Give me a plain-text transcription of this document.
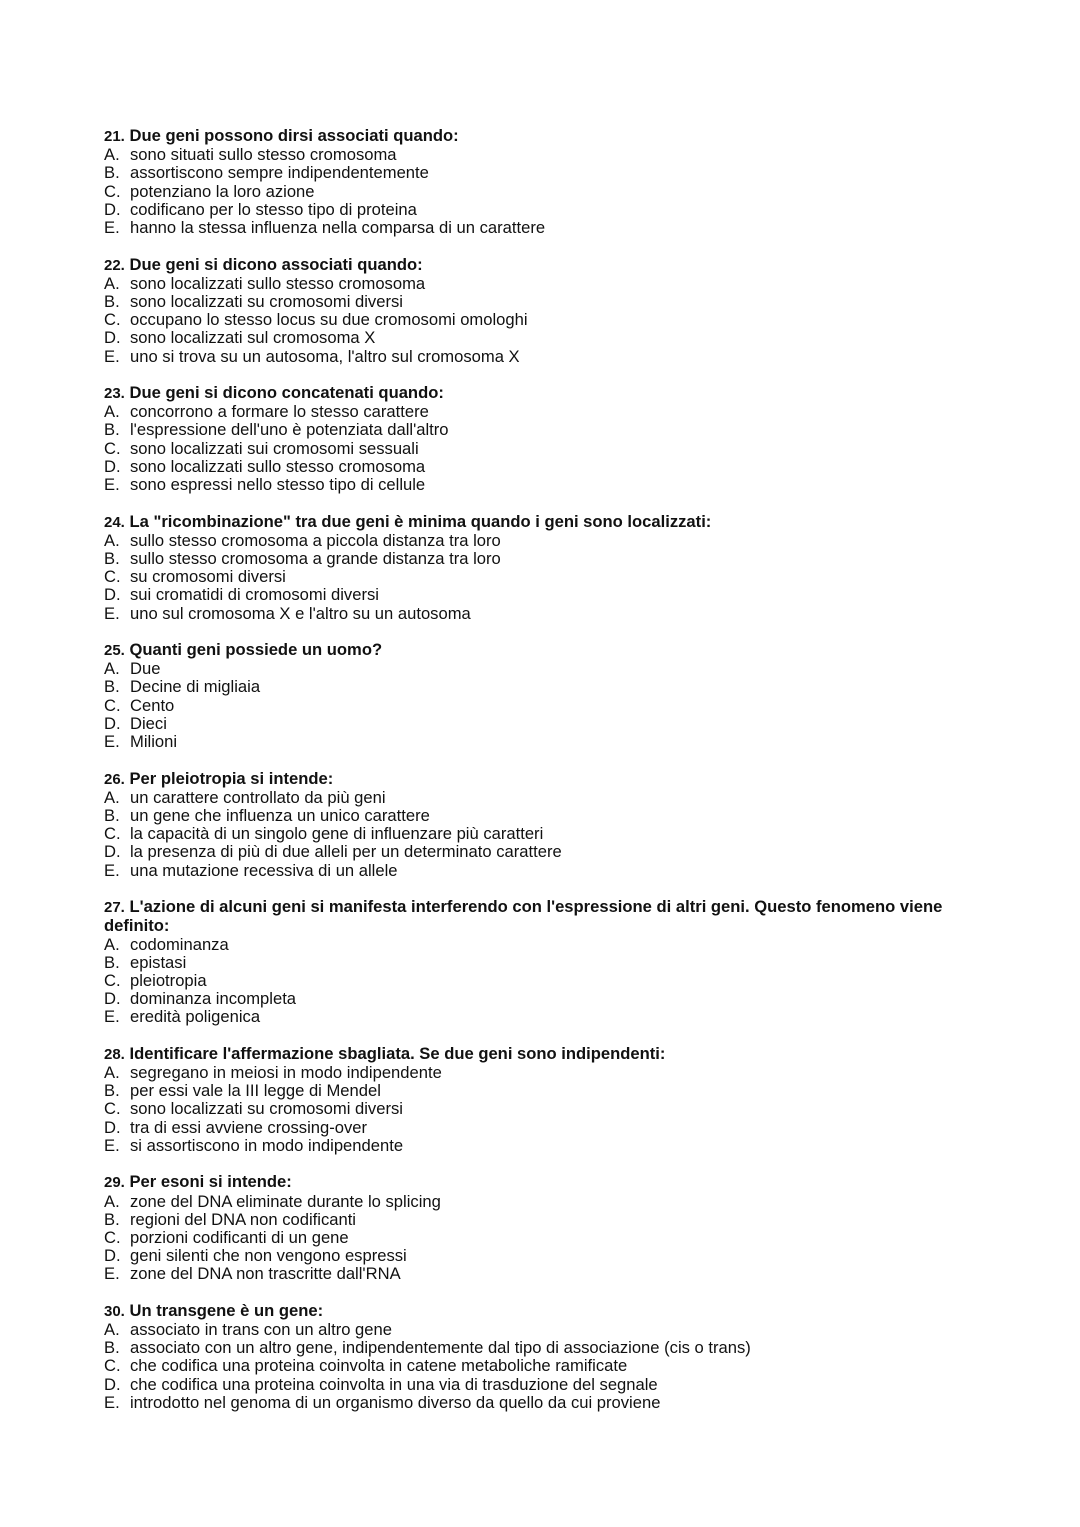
21. Due geni possono dirsi associati quando:
A. sono situati sullo stesso cromosoma
B. assortiscono sempre indipendentemente
C. potenziano la loro azione
D. codificano per lo stesso tipo di proteina
E. hanno la stessa influenza nella comparsa di un carattere
22. Due geni si dicono associati quando:
A. sono localizzati sullo stesso cromosoma
B. sono localizzati su cromosomi diversi
C. occupano lo stesso locus su due cromosomi omologhi
D. sono localizzati sul cromosoma X
E. uno si trova su un autosoma, l'altro sul cromosoma X
23. Due geni si dicono concatenati quando:
A. concorrono a formare lo stesso carattere
B. l'espressione dell'uno è potenziata dall'altro
C. sono localizzati sui cromosomi sessuali
D. sono localizzati sullo stesso cromosoma
E. sono espressi nello stesso tipo di cellule
24. La "ricombinazione" tra due geni è minima quando i geni sono localizzati:
A. sullo stesso cromosoma a piccola distanza tra loro
B. sullo stesso cromosoma a grande distanza tra loro
C. su cromosomi diversi
D. sui cromatidi di cromosomi diversi
E. uno sul cromosoma X e l'altro su un autosoma
25. Quanti geni possiede un uomo?
A. Due
B. Decine di migliaia
C. Cento
D. Dieci
E. Milioni
26. Per pleiotropia si intende:
A. un carattere controllato da più geni
B. un gene che influenza un unico carattere
C. la capacità di un singolo gene di influenzare più caratteri
D. la presenza di più di due alleli per un determinato carattere
E. una mutazione recessiva di un allele
27. L'azione di alcuni geni si manifesta interferendo con l'espressione di altri geni. Questo fenomeno viene definito:
A. codominanza
B. epistasi
C. pleiotropia
D. dominanza incompleta
E. eredità poligenica
28. Identificare l'affermazione sbagliata. Se due geni sono indipendenti:
A. segregano in meiosi in modo indipendente
B. per essi vale la III legge di Mendel
C. sono localizzati su cromosomi diversi
D. tra di essi avviene crossing-over
E. si assortiscono in modo indipendente
29. Per esoni si intende:
A. zone del DNA eliminate durante lo splicing
B. regioni del DNA non codificanti
C. porzioni codificanti di un gene
D. geni silenti che non vengono espressi
E. zone del DNA non trascritte dall'RNA
30. Un transgene è un gene:
A. associato in trans con un altro gene
B. associato con un altro gene, indipendentemente dal tipo di associazione (cis o trans)
C. che codifica una proteina coinvolta in catene metaboliche ramificate
D. che codifica una proteina coinvolta in una via di trasduzione del segnale
E. introdotto nel genoma di un organismo diverso da quello da cui proviene
